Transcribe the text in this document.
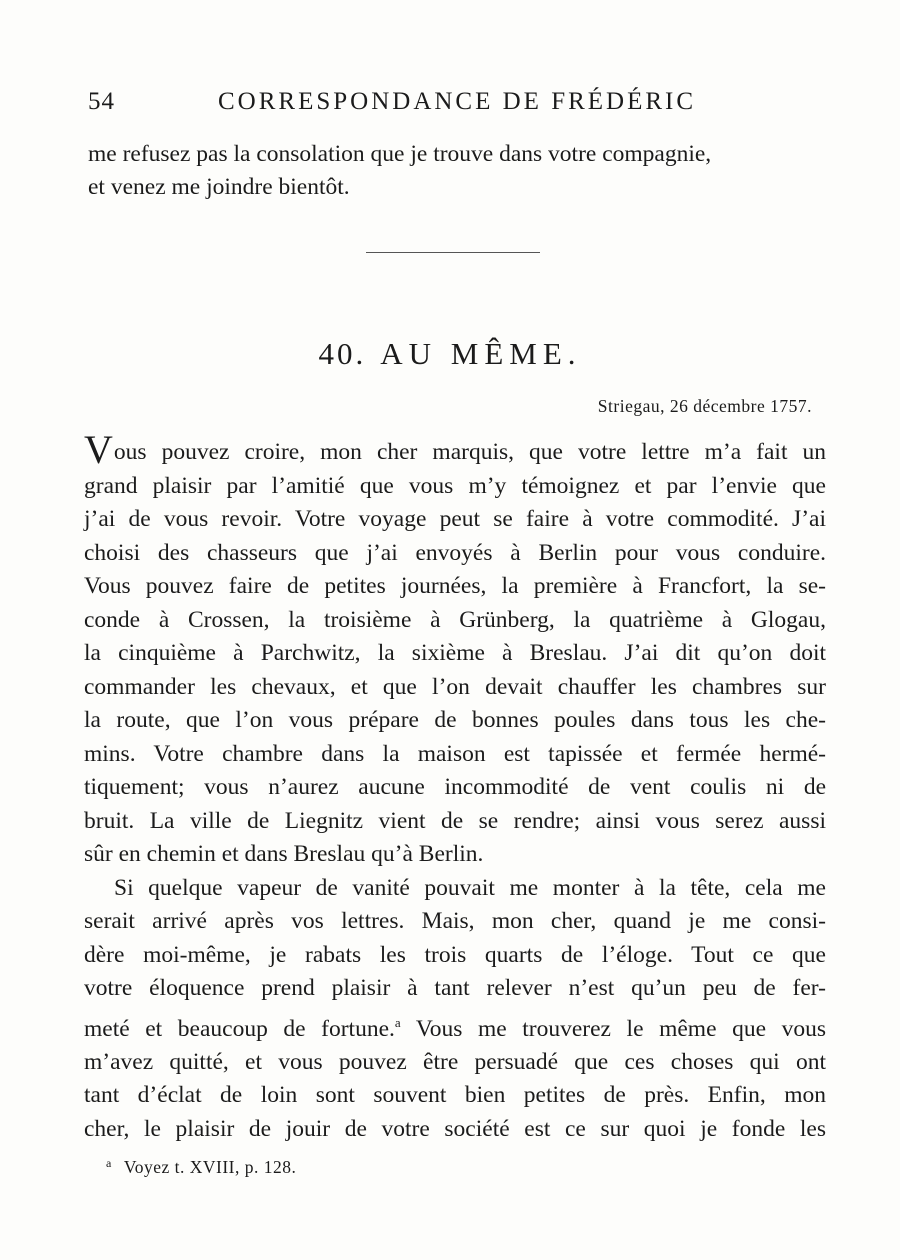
54	CORRESPONDANCE DE FRÉDÉRIC
me refusez pas la consolation que je trouve dans votre compagnie,
et venez me joindre bientôt.
40. AU MÊME.
Striegau, 26 décembre 1757.
Vous pouvez croire, mon cher marquis, que votre lettre m’a fait un
grand plaisir par l’amitié que vous m’y témoignez et par l’envie que
j’ai de vous revoir. Votre voyage peut se faire à votre commodité. J’ai
choisi des chasseurs que j’ai envoyés à Berlin pour vous conduire.
Vous pouvez faire de petites journées, la première à Francfort, la se-
conde à Crossen, la troisième à Grünberg, la quatrième à Glogau,
la cinquième à Parchwitz, la sixième à Breslau. J’ai dit qu’on doit
commander les chevaux, et que l’on devait chauffer les chambres sur
la route, que l’on vous prépare de bonnes poules dans tous les che-
mins. Votre chambre dans la maison est tapissée et fermée hermé-
tiquement; vous n’aurez aucune incommodité de vent coulis ni de
bruit. La ville de Liegnitz vient de se rendre; ainsi vous serez aussi
sûr en chemin et dans Breslau qu’à Berlin.
Si quelque vapeur de vanité pouvait me monter à la tête, cela me
serait arrivé après vos lettres. Mais, mon cher, quand je me consi-
dère moi-même, je rabats les trois quarts de l’éloge. Tout ce que
votre éloquence prend plaisir à tant relever n’est qu’un peu de fer-
meté et beaucoup de fortune.$^a$ Vous me trouverez le même que vous
m’avez quitté, et vous pouvez être persuadé que ces choses qui ont
tant d’éclat de loin sont souvent bien petites de près. Enfin, mon
cher, le plaisir de jouir de votre société est ce sur quoi je fonde les
$^a$ Voyez t. XVIII, p. 128.
